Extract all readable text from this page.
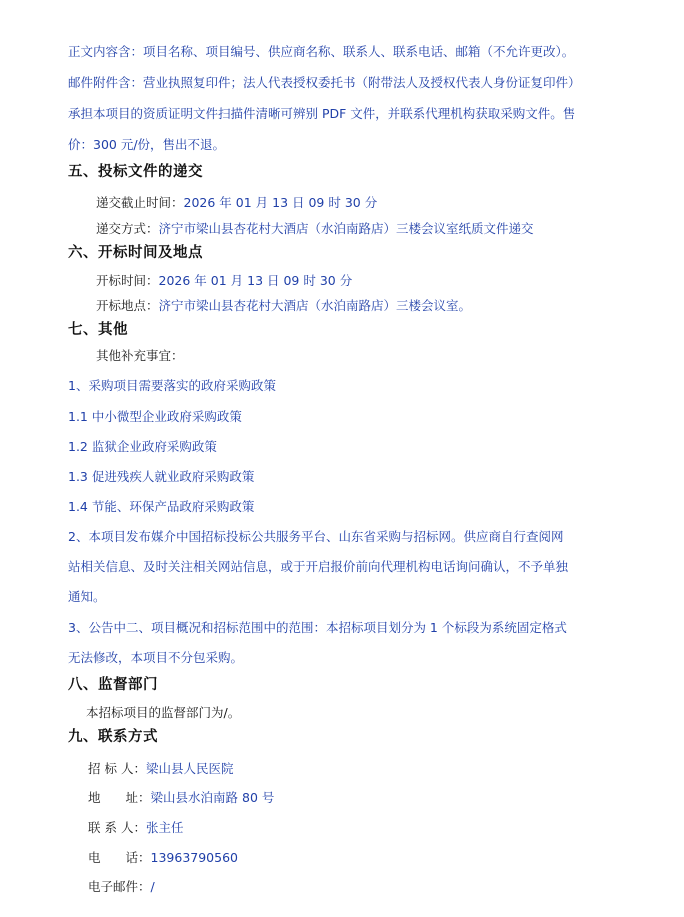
正文内容含：项目名称、项目编号、供应商名称、联系人、联系电话、邮箱（不允许更改）。
邮件附件含：营业执照复印件；法人代表授权委托书（附带法人及授权代表人身份证复印件）
承担本项目的资质证明文件扫描件清晰可辨别 PDF 文件，并联系代理机构获取采购文件。售
价：300 元/份，售出不退。
五、投标文件的递交
递交截止时间：2026 年 01 月 13 日 09 时 30 分
递交方式：济宁市梁山县杏花村大酒店（水泊南路店）三楼会议室纸质文件递交
六、开标时间及地点
开标时间：2026 年 01 月 13 日 09 时 30 分
开标地点：济宁市梁山县杏花村大酒店（水泊南路店）三楼会议室。
七、其他
其他补充事宜：
1、采购项目需要落实的政府采购政策
1.1 中小微型企业政府采购政策
1.2 监狱企业政府采购政策
1.3 促进残疾人就业政府采购政策
1.4 节能、环保产品政府采购政策
2、本项目发布媒介中国招标投标公共服务平台、山东省采购与招标网。供应商自行查阅网
站相关信息、及时关注相关网站信息，或于开启报价前向代理机构电话询问确认，不予单独
通知。
3、公告中二、项目概况和招标范围中的范围：本招标项目划分为 1 个标段为系统固定格式
无法修改，本项目不分包采购。
八、监督部门
本招标项目的监督部门为/。
九、联系方式
招 标 人：梁山县人民医院
地　　址：梁山县水泊南路 80 号
联 系 人：张主任
电　　话：13963790560
电子邮件：/
